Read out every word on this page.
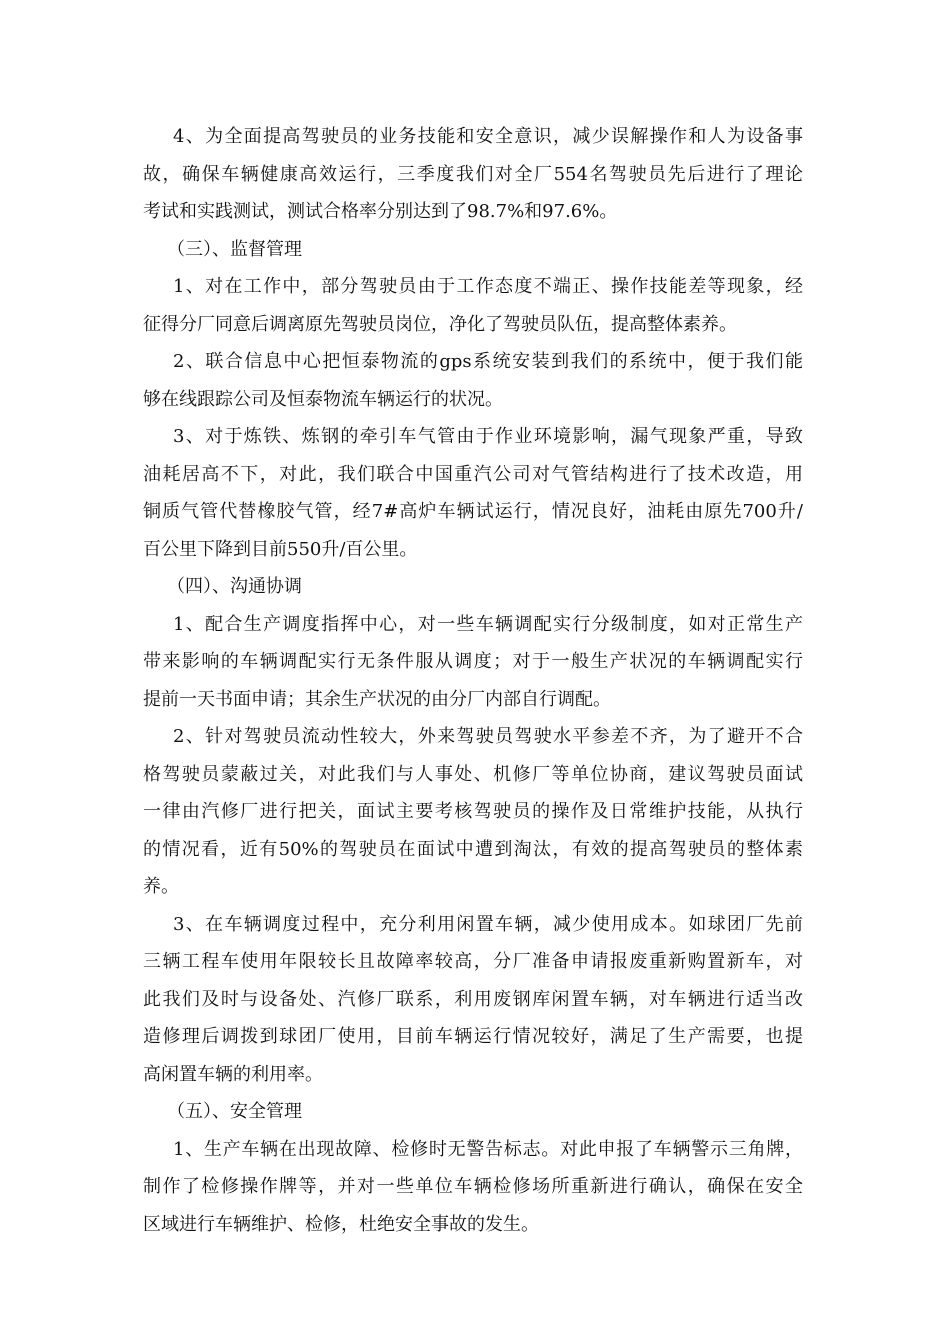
4、为全面提高驾驶员的业务技能和安全意识，减少误解操作和人为设备事
故，确保车辆健康高效运行，三季度我们对全厂554名驾驶员先后进行了理论
考试和实践测试，测试合格率分别达到了98.7%和97.6%。
（三）、监督管理
1、对在工作中，部分驾驶员由于工作态度不端正、操作技能差等现象，经
征得分厂同意后调离原先驾驶员岗位，净化了驾驶员队伍，提高整体素养。
2、联合信息中心把恒泰物流的gps系统安装到我们的系统中，便于我们能
够在线跟踪公司及恒泰物流车辆运行的状况。
3、对于炼铁、炼钢的牵引车气管由于作业环境影响，漏气现象严重，导致
油耗居高不下，对此，我们联合中国重汽公司对气管结构进行了技术改造，用
铜质气管代替橡胶气管，经7#高炉车辆试运行，情况良好，油耗由原先700升/
百公里下降到目前550升/百公里。
（四）、沟通协调
1、配合生产调度指挥中心，对一些车辆调配实行分级制度，如对正常生产
带来影响的车辆调配实行无条件服从调度；对于一般生产状况的车辆调配实行
提前一天书面申请；其余生产状况的由分厂内部自行调配。
2、针对驾驶员流动性较大，外来驾驶员驾驶水平参差不齐，为了避开不合
格驾驶员蒙蔽过关，对此我们与人事处、机修厂等单位协商，建议驾驶员面试
一律由汽修厂进行把关，面试主要考核驾驶员的操作及日常维护技能，从执行
的情况看，近有50%的驾驶员在面试中遭到淘汰，有效的提高驾驶员的整体素
养。
3、在车辆调度过程中，充分利用闲置车辆，减少使用成本。如球团厂先前
三辆工程车使用年限较长且故障率较高，分厂准备申请报废重新购置新车，对
此我们及时与设备处、汽修厂联系，利用废钢库闲置车辆，对车辆进行适当改
造修理后调拨到球团厂使用，目前车辆运行情况较好，满足了生产需要，也提
高闲置车辆的利用率。
（五）、安全管理
1、生产车辆在出现故障、检修时无警告标志。对此申报了车辆警示三角牌，
制作了检修操作牌等，并对一些单位车辆检修场所重新进行确认，确保在安全
区域进行车辆维护、检修，杜绝安全事故的发生。
